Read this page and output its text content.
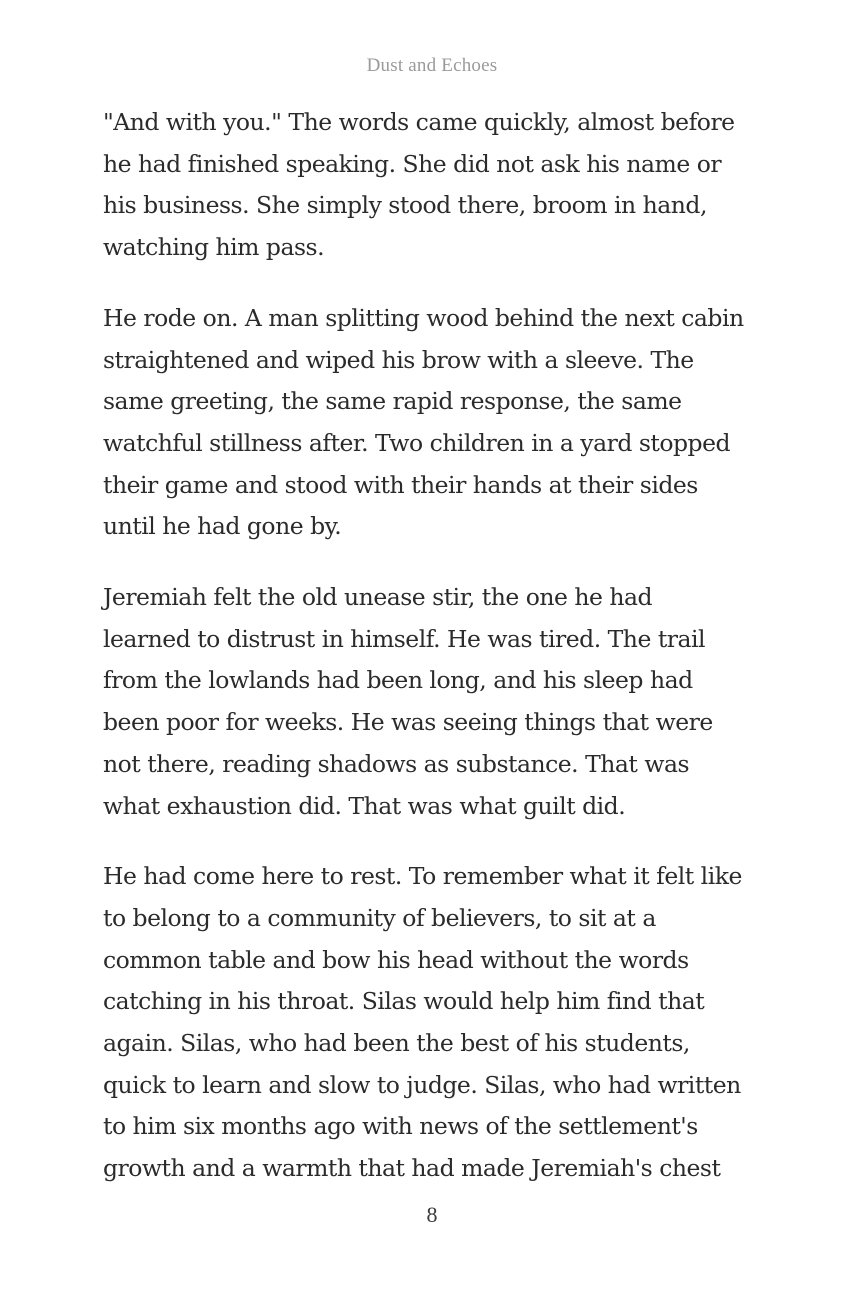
Dust and Echoes

"And with you." The words came quickly, almost before
he had finished speaking. She did not ask his name or
his business. She simply stood there, broom in hand,
watching him pass.

He rode on. A man splitting wood behind the next cabin
straightened and wiped his brow with a sleeve. The
same greeting, the same rapid response, the same
watchful stillness after. Two children in a yard stopped
their game and stood with their hands at their sides
until he had gone by.

Jeremiah felt the old unease stir, the one he had
learned to distrust in himself. He was tired. The trail
from the lowlands had been long, and his sleep had
been poor for weeks. He was seeing things that were
not there, reading shadows as substance. That was
what exhaustion did. That was what guilt did.

He had come here to rest. To remember what it felt like
to belong to a community of believers, to sit at a
common table and bow his head without the words
catching in his throat. Silas would help him find that
again. Silas, who had been the best of his students,
quick to learn and slow to judge. Silas, who had written
to him six months ago with news of the settlement's
growth and a warmth that had made Jeremiah's chest

8
